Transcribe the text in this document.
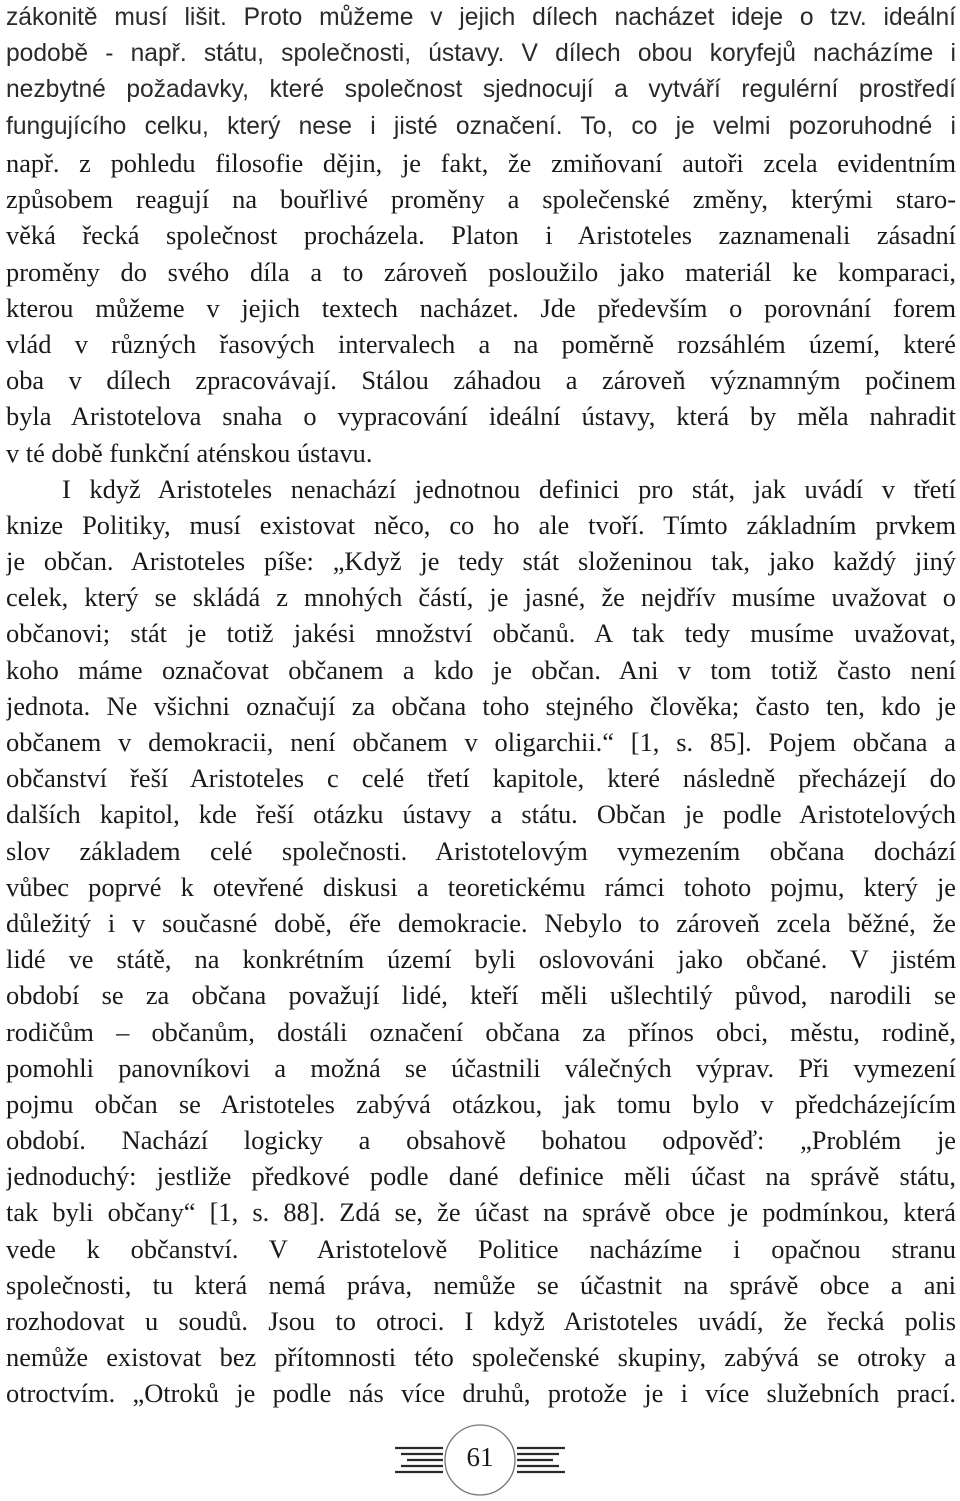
zákonitě musí lišit. Proto můžeme v jejich dílech nacházet ideje o tzv. ideální
podobě - např. státu, společnosti, ústavy. V dílech obou koryfejů nacházíme i
nezbytné požadavky, které společnost sjednocují a vytváří regulérní prostředí
fungujícího celku, který nese i jisté označení. To, co je velmi pozoruhodné i
např. z pohledu filosofie dějin, je fakt, že zmiňovaní autoři zcela evidentním
způsobem reagují na bouřlivé proměny a společenské změny, kterými staro-
věká řecká společnost procházela. Platon i Aristoteles zaznamenali zásadní
proměny do svého díla a to zároveň posloužilo jako materiál ke komparaci,
kterou můžeme v jejich textech nacházet. Jde především o porovnání forem
vlád v různých řasových intervalech a na poměrně rozsáhlém území, které
oba v dílech zpracovávají. Stálou záhadou a zároveň významným počinem
byla Aristotelova snaha o vypracování ideální ústavy, která by měla nahradit
v té době funkční aténskou ústavu.
I když Aristoteles nenachází jednotnou definici pro stát, jak uvádí v třetí
knize Politiky, musí existovat něco, co ho ale tvoří. Tímto základním prvkem
je občan. Aristoteles píše: „Když je tedy stát složeninou tak, jako každý jiný
celek, který se skládá z mnohých částí, je jasné, že nejdřív musíme uvažovat o
občanovi; stát je totiž jakési množství občanů. A tak tedy musíme uvažovat,
koho máme označovat občanem a kdo je občan. Ani v tom totiž často není
jednota. Ne všichni označují za občana toho stejného člověka; často ten, kdo je
občanem v demokracii, není občanem v oligarchii.“ [1, s. 85]. Pojem občana a
občanství řeší Aristoteles c celé třetí kapitole, které následně přecházejí do
dalších kapitol, kde řeší otázku ústavy a státu. Občan je podle Aristotelových
slov základem celé společnosti. Aristotelovým vymezením občana dochází
vůbec poprvé k otevřené diskusi a teoretickému rámci tohoto pojmu, který je
důležitý i v současné době, éře demokracie. Nebylo to zároveň zcela běžné, že
lidé ve státě, na konkrétním území byli oslovováni jako občané. V jistém
období se za občana považují lidé, kteří měli ušlechtilý původ, narodili se
rodičům – občanům, dostáli označení občana za přínos obci, městu, rodině,
pomohli panovníkovi a možná se účastnili válečných výprav. Při vymezení
pojmu občan se Aristoteles zabývá otázkou, jak tomu bylo v předcházejícím
období. Nachází logicky a obsahově bohatou odpověď: „Problém je
jednoduchý: jestliže předkové podle dané definice měli účast na správě státu,
tak byli občany“ [1, s. 88]. Zdá se, že účast na správě obce je podmínkou, která
vede k občanství. V Aristotelově Politice nacházíme i opačnou stranu
společnosti, tu která nemá práva, nemůže se účastnit na správě obce a ani
rozhodovat u soudů. Jsou to otroci. I když Aristoteles uvádí, že řecká polis
nemůže existovat bez přítomnosti této společenské skupiny, zabývá se otroky a
otroctvím. „Otroků je podle nás více druhů, protože je i více služebních prací.
61
